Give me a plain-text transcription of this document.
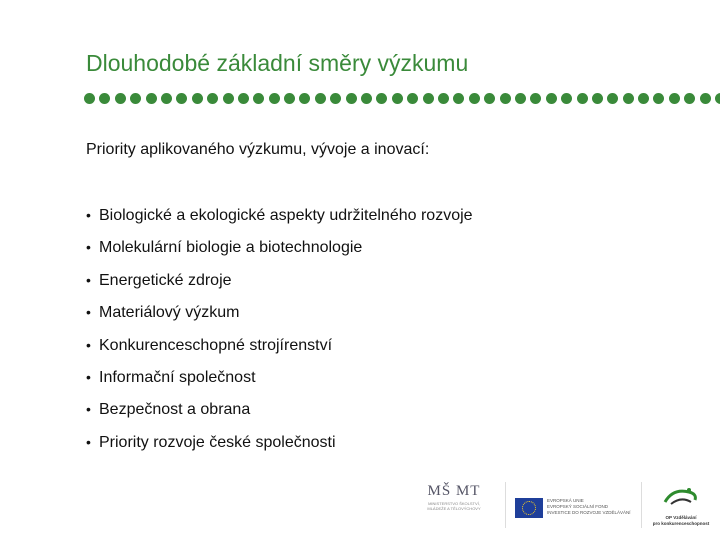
Dlouhodobé základní směry výzkumu
Priority aplikovaného výzkumu, vývoje a inovací:
• Biologické a ekologické aspekty udržitelného rozvoje
• Molekulární biologie a biotechnologie
• Energetické zdroje
• Materiálový výzkum
• Konkurenceschopné strojírenství
• Informační společnost
• Bezpečnost a obrana
• Priority rozvoje české společnosti
MŠ MT
MINISTERSTVO ŠKOLSTVÍ, MLÁDEŽE A TĚLOVÝCHOVY
EVROPSKÁ UNIE
EVROPSKÝ SOCIÁLNÍ FOND
INVESTICE DO ROZVOJE VZDĚLÁVÁNÍ
OP Vzdělávání
pro konkurenceschopnost
